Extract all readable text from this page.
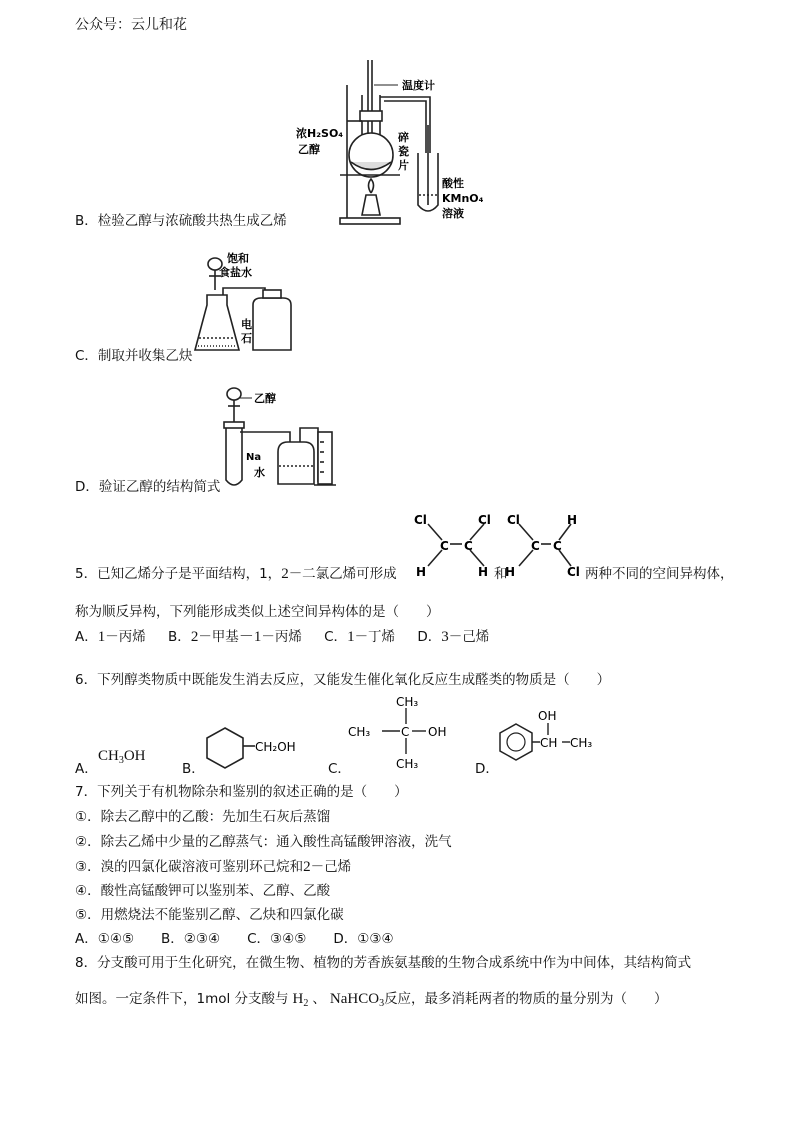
公众号：云儿和花
温度计
浓H₂SO₄
乙醇
碎
瓷
片
酸性
KMnO₄
溶液
B．检验乙醇与浓硫酸共热生成乙烯
饱和
食盐水
电
石
C．制取并收集乙炔
乙醇
Na
水
D．验证乙醇的结构简式
Cl	Cl
C C
H	H
Cl	H
C C
H	Cl
5．已知乙烯分子是平面结构，1，2－二氯乙烯可形成	和	两种不同的空间异构体，
称为顺反异构，下列能形成类似上述空间异构体的是（　　）
A．1－丙烯 B．2－甲基－1－丙烯 C．1－丁烯 D．3－己烯
6．下列醇类物质中既能发生消去反应，又能发生催化氧化反应生成醛类的物质是（　　）
A．
$CH_3OH$
B．
CH₂OH
C．
CH₃
CH₃	C OH
CH₃	D．
OH
CH CH₃
7．下列关于有机物除杂和鉴别的叙述正确的是（　　）
①．除去乙醇中的乙酸：先加生石灰后蒸馏
②．除去乙烯中少量的乙醇蒸气：通入酸性高锰酸钾溶液，洗气
③．溴的四氯化碳溶液可鉴别环己烷和2－己烯
④．酸性高锰酸钾可以鉴别苯、乙醇、乙酸
⑤．用燃烧法不能鉴别乙醇、乙炔和四氯化碳
A．①④⑤　　B．②③④　　C．③④⑤　　D．①③④
8．分支酸可用于生化研究，在微生物、植物的芳香族氨基酸的生物合成系统中作为中间体，其结构简式
如图。一定条件下，1mol 分支酸与 $H_2$ 、 NaHCO$_3$反应，最多消耗两者的物质的量分别为（　　）
